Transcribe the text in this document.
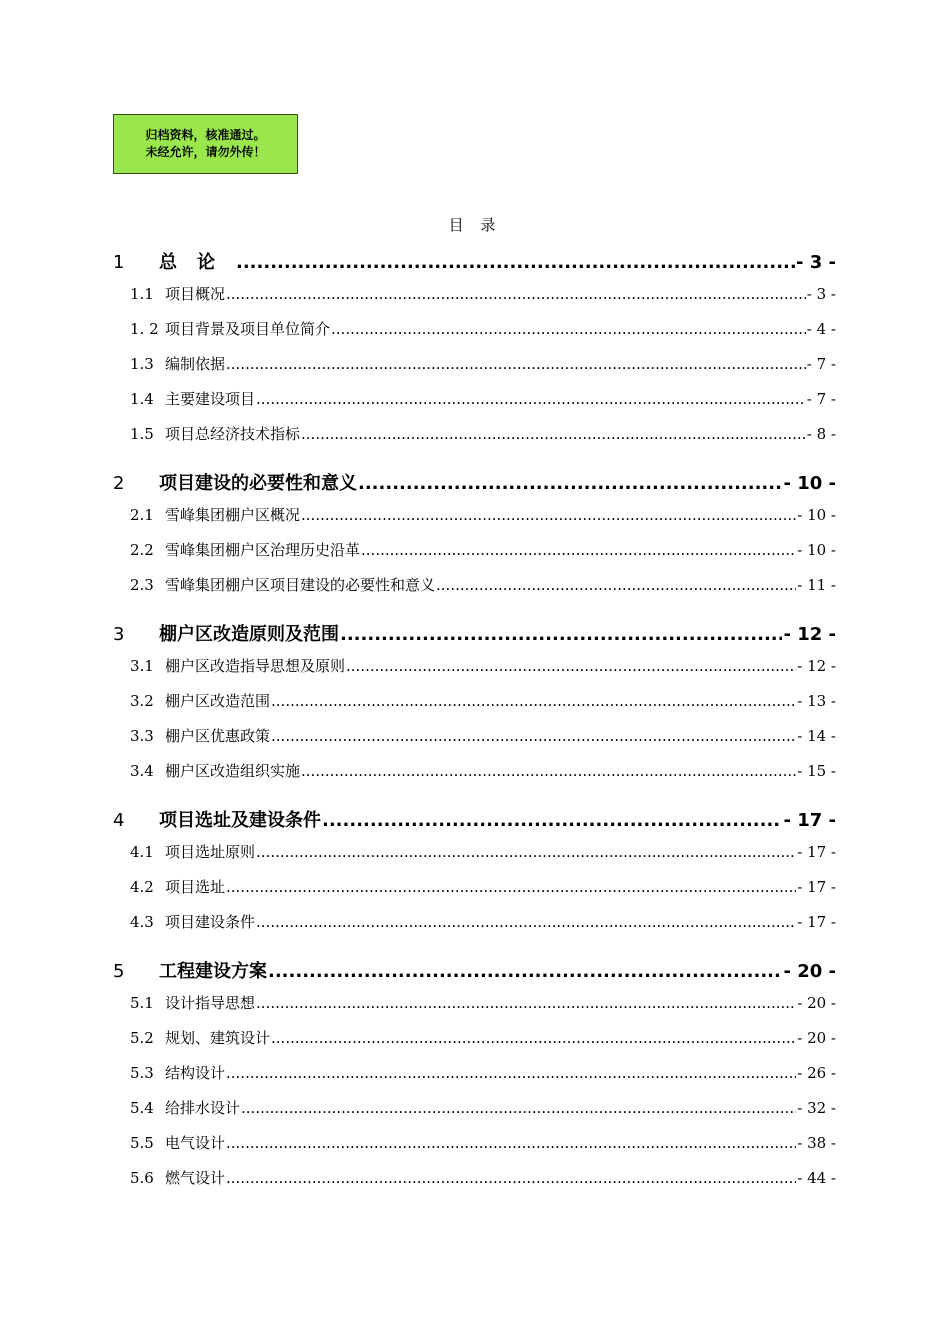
归档资料，核准通过。
未经允许，请勿外传！
目 录
1	总论 .....	- 3 -
1.1 项目概况 .....	- 3 -
1. 2 项目背景及项目单位简介 .....	- 4 -
1.3 编制依据 .....	- 7 -
1.4 主要建设项目 .....	- 7 -
1.5 项目总经济技术指标 .....	- 8 -
2	项目建设的必要性和意义 .....	- 10 -
2.1 雪峰集团棚户区概况 .....	- 10 -
2.2 雪峰集团棚户区治理历史沿革 .....	- 10 -
2.3 雪峰集团棚户区项目建设的必要性和意义 .....	- 11 -
3	棚户区改造原则及范围 .....	- 12 -
3.1 棚户区改造指导思想及原则 .....	- 12 -
3.2 棚户区改造范围 .....	- 13 -
3.3 棚户区优惠政策 .....	- 14 -
3.4 棚户区改造组织实施 .....	- 15 -
4	项目选址及建设条件 .....	- 17 -
4.1 项目选址原则 .....	- 17 -
4.2 项目选址 .....	- 17 -
4.3 项目建设条件 .....	- 17 -
5	工程建设方案 .....	- 20 -
5.1 设计指导思想 .....	- 20 -
5.2 规划、建筑设计 .....	- 20 -
5.3 结构设计 .....	- 26 -
5.4 给排水设计 .....	- 32 -
5.5 电气设计 .....	- 38 -
5.6 燃气设计 .....	- 44 -
